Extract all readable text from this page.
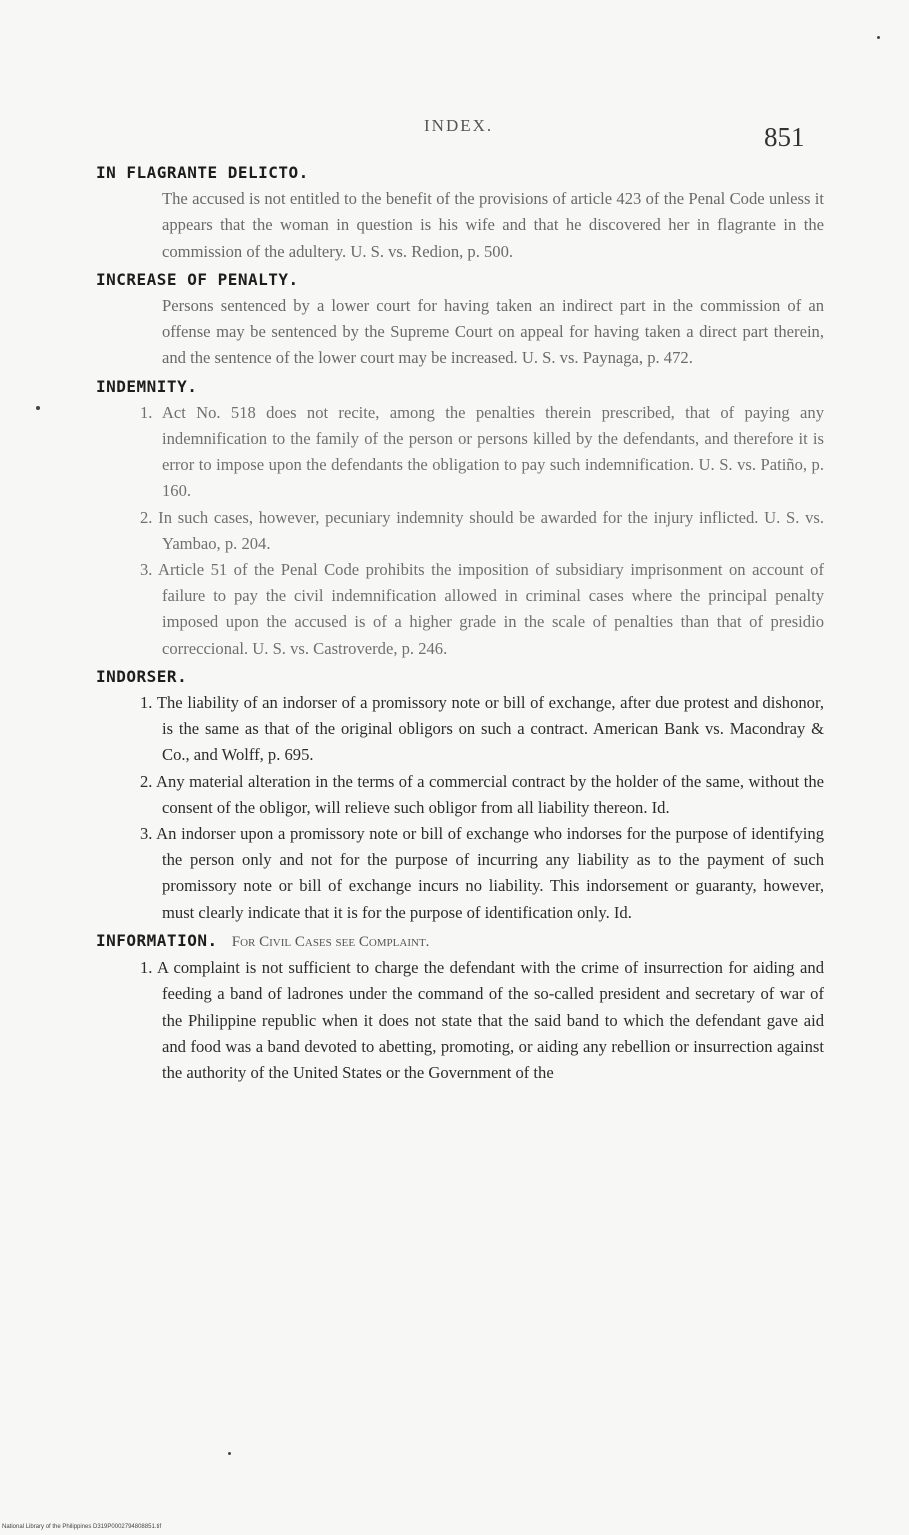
INDEX.	851
IN FLAGRANTE DELICTO.

The accused is not entitled to the benefit of the provisions of article 423 of the Penal Code unless it appears that the woman in question is his wife and that he discovered her in flagrante in the commission of the adultery. U. S. vs. Redion, p. 500.

INCREASE OF PENALTY.

Persons sentenced by a lower court for having taken an indirect part in the commission of an offense may be sentenced by the Supreme Court on appeal for having taken a direct part therein, and the sentence of the lower court may be increased. U. S. vs. Paynaga, p. 472.

INDEMNITY.

1. Act No. 518 does not recite, among the penalties therein prescribed, that of paying any indemnification to the family of the person or persons killed by the defendants, and therefore it is error to impose upon the defendants the obligation to pay such indemnification. U. S. vs. Patiño, p. 160.

2. In such cases, however, pecuniary indemnity should be awarded for the injury inflicted. U. S. vs. Yambao, p. 204.

3. Article 51 of the Penal Code prohibits the imposition of subsidiary imprisonment on account of failure to pay the civil indemnification allowed in criminal cases where the principal penalty imposed upon the accused is of a higher grade in the scale of penalties than that of presidio correccional. U. S. vs. Castroverde, p. 246.

INDORSER.

1. The liability of an indorser of a promissory note or bill of exchange, after due protest and dishonor, is the same as that of the original obligors on such a contract. American Bank vs. Macondray & Co., and Wolff, p. 695.

2. Any material alteration in the terms of a commercial contract by the holder of the same, without the consent of the obligor, will relieve such obligor from all liability thereon. Id.

3. An indorser upon a promissory note or bill of exchange who indorses for the purpose of identifying the person only and not for the purpose of incurring any liability as to the payment of such promissory note or bill of exchange incurs no liability. This indorsement or guaranty, however, must clearly indicate that it is for the purpose of identification only. Id.

INFORMATION. For Civil Cases see Complaint.

1. A complaint is not sufficient to charge the defendant with the crime of insurrection for aiding and feeding a band of ladrones under the command of the so-called president and secretary of war of the Philippine republic when it does not state that the said band to which the defendant gave aid and food was a band devoted to abetting, promoting, or aiding any rebellion or insurrection against the authority of the United States or the Government of the

National Library of the Philippines D319P0002794808851.tif
